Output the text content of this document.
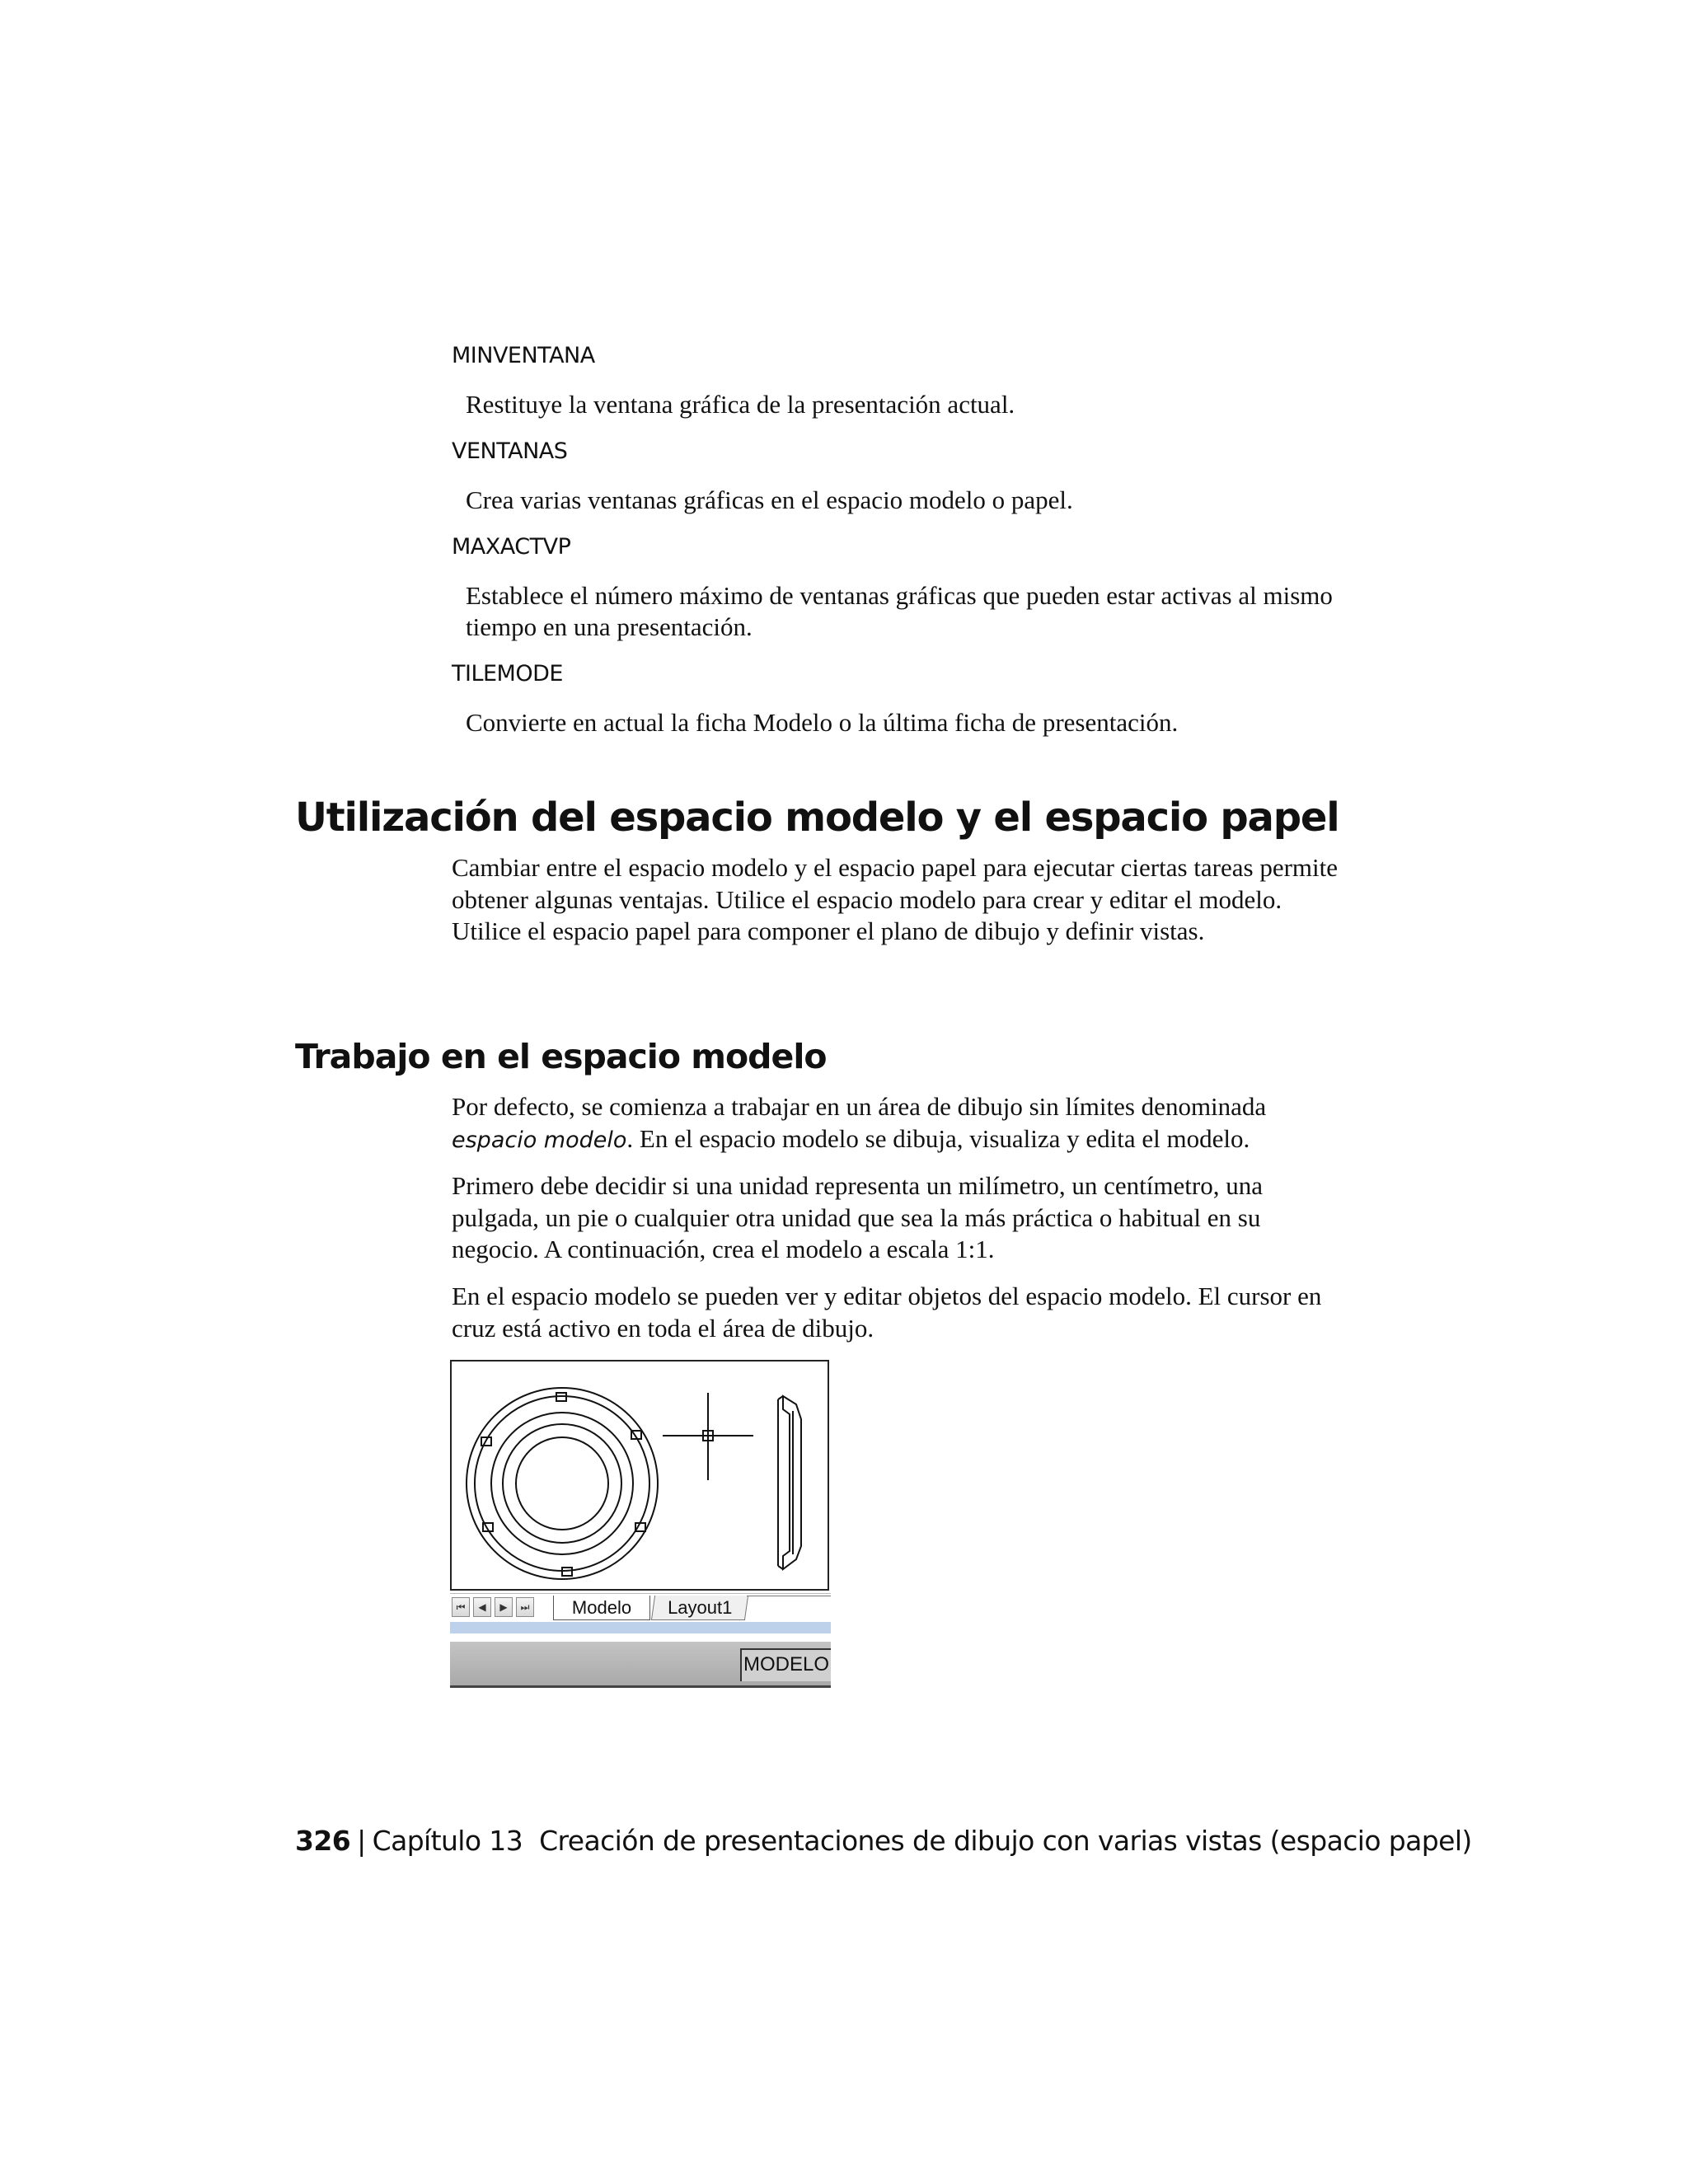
MINVENTANA
Restituye la ventana gráfica de la presentación actual.
VENTANAS
Crea varias ventanas gráficas en el espacio modelo o papel.
MAXACTVP
Establece el número máximo de ventanas gráficas que pueden estar activas al mismo tiempo en una presentación.
TILEMODE
Convierte en actual la ficha Modelo o la última ficha de presentación.
Utilización del espacio modelo y el espacio papel

Cambiar entre el espacio modelo y el espacio papel para ejecutar ciertas tareas permite obtener algunas ventajas. Utilice el espacio modelo para crear y editar el modelo. Utilice el espacio papel para componer el plano de dibujo y definir vistas.

Trabajo en el espacio modelo

Por defecto, se comienza a trabajar en un área de dibujo sin límites denominada espacio modelo. En el espacio modelo se dibuja, visualiza y edita el modelo.

Primero debe decidir si una unidad representa un milímetro, un centímetro, una pulgada, un pie o cualquier otra unidad que sea la más práctica o habitual en su negocio. A continuación, crea el modelo a escala 1:1.

En el espacio modelo se pueden ver y editar objetos del espacio modelo. El cursor en cruz está activo en toda el área de dibujo.

⏮	◀	▶	⏭	Modelo	Layout1
MODELO
326 | Capítulo 13 Creación de presentaciones de dibujo con varias vistas (espacio papel)
